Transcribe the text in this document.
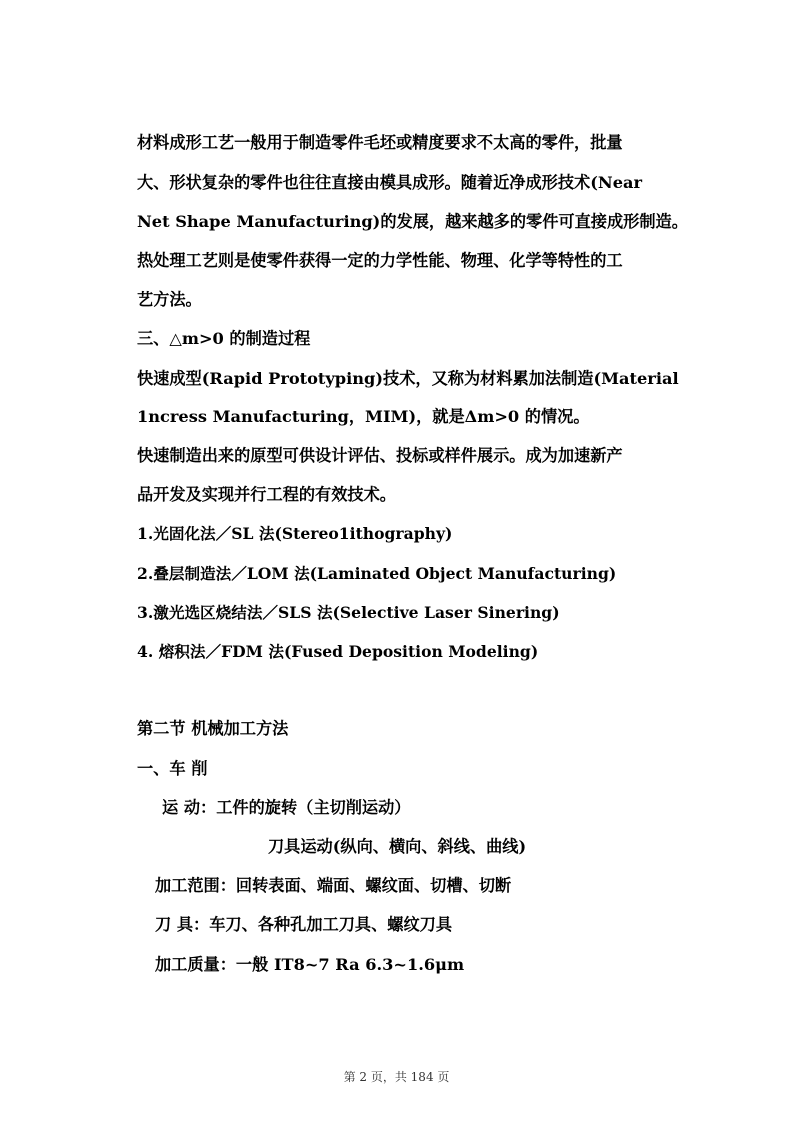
材料成形工艺一般用于制造零件毛坯或精度要求不太高的零件，批量

大、形状复杂的零件也往往直接由模具成形。随着近净成形技术(Near

Net Shape Manufacturing)的发展，越来越多的零件可直接成形制造。

热处理工艺则是使零件获得一定的力学性能、物理、化学等特性的工

艺方法。

三、△m>0 的制造过程

快速成型(Rapid Prototyping)技术，又称为材料累加法制造(Material

1ncress Manufacturing，MIM)，就是Δm>0 的情况。

快速制造出来的原型可供设计评估、投标或样件展示。成为加速新产

品开发及实现并行工程的有效技术。

1.光固化法／SL 法(Stereo1ithography)

2.叠层制造法／LOM 法(Laminated Object Manufacturing)

3.激光选区烧结法／SLS 法(Selective Laser Sinering)

4. 熔积法／FDM 法(Fused Deposition Modeling)

第二节 机械加工方法

一、车 削

运 动：工件的旋转（主切削运动）

刀具运动(纵向、横向、斜线、曲线)

加工范围：回转表面、端面、螺纹面、切槽、切断

刀 具：车刀、各种孔加工刀具、螺纹刀具

加工质量：一般 IT8~7 Ra 6.3~1.6μm

第 2 页，共 184 页
